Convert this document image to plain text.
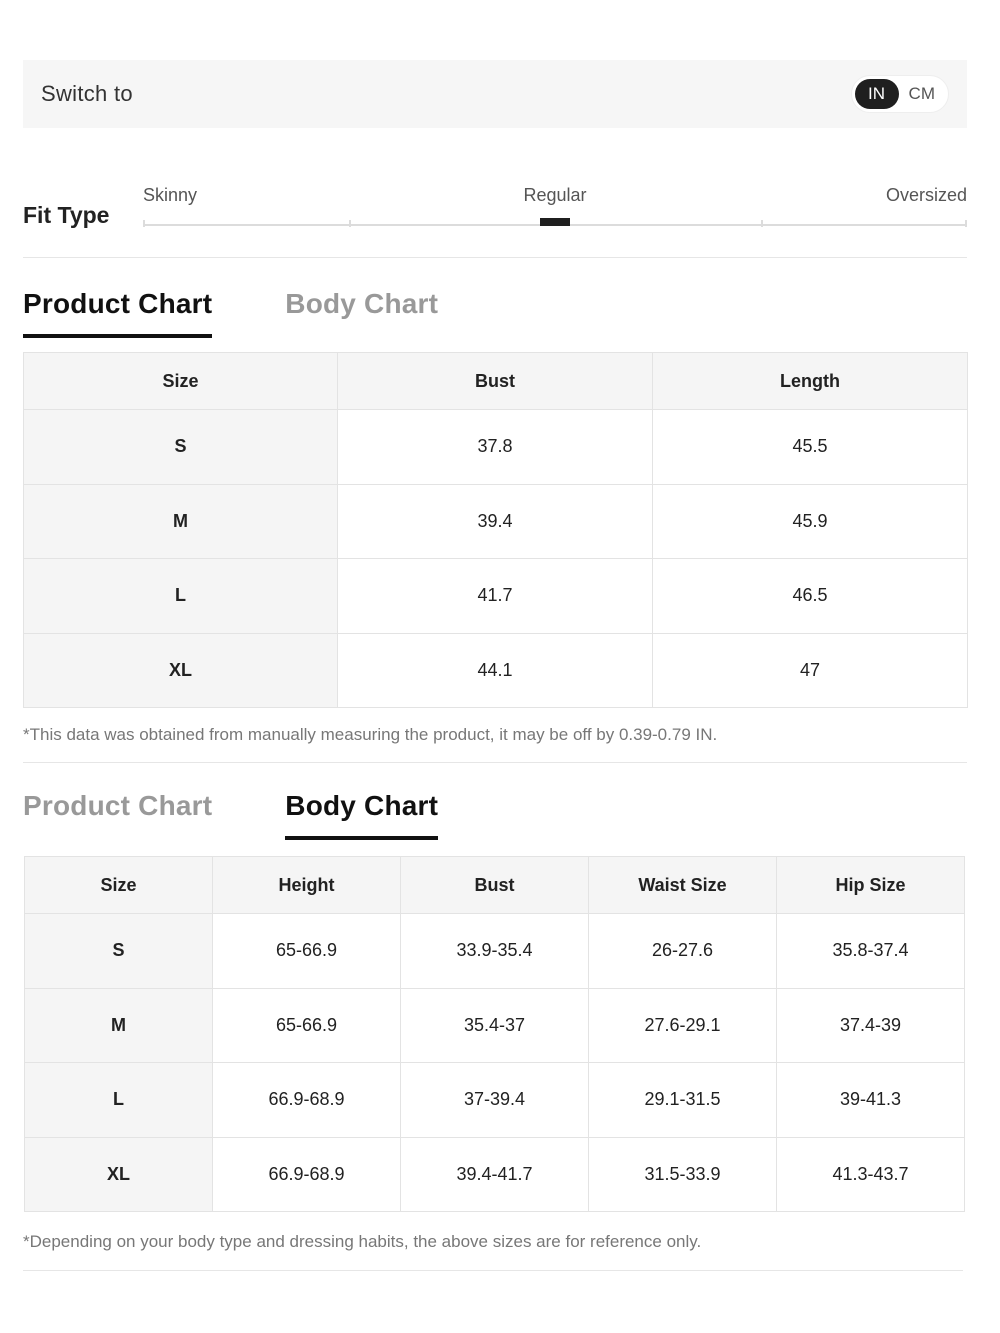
Switch to	IN	CM
Fit Type
Skinny	Regular	Oversized
Product Chart	Body Chart
Size	Bust	Length
S	37.8	45.5
M	39.4	45.9
L	41.7	46.5
XL	44.1	47

*This data was obtained from manually measuring the product, it may be off by 0.39-0.79 IN.

Product Chart	Body Chart
Size	Height	Bust	Waist Size	Hip Size
S	65-66.9	33.9-35.4	26-27.6	35.8-37.4
M	65-66.9	35.4-37	27.6-29.1	37.4-39
L	66.9-68.9	37-39.4	29.1-31.5	39-41.3
XL	66.9-68.9	39.4-41.7	31.5-33.9	41.3-43.7

*Depending on your body type and dressing habits, the above sizes are for reference only.
